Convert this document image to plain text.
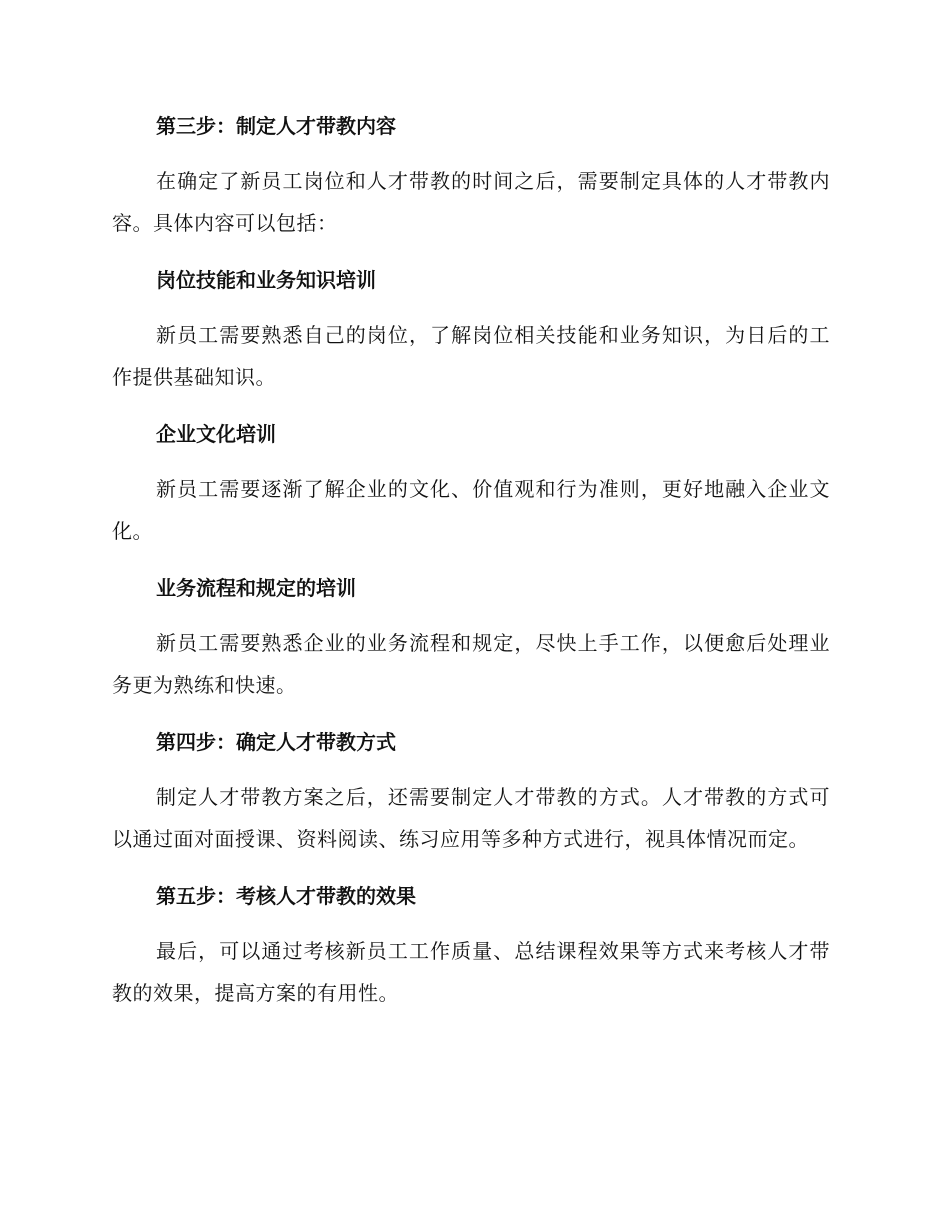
第三步：制定人才带教内容

在确定了新员工岗位和人才带教的时间之后，需要制定具体的人才带教内容。具体内容可以包括：

岗位技能和业务知识培训

新员工需要熟悉自己的岗位，了解岗位相关技能和业务知识，为日后的工作提供基础知识。

企业文化培训

新员工需要逐渐了解企业的文化、价值观和行为准则，更好地融入企业文化。

业务流程和规定的培训

新员工需要熟悉企业的业务流程和规定，尽快上手工作，以便愈后处理业务更为熟练和快速。

第四步：确定人才带教方式

制定人才带教方案之后，还需要制定人才带教的方式。人才带教的方式可以通过面对面授课、资料阅读、练习应用等多种方式进行，视具体情况而定。

第五步：考核人才带教的效果

最后，可以通过考核新员工工作质量、总结课程效果等方式来考核人才带教的效果，提高方案的有用性。
